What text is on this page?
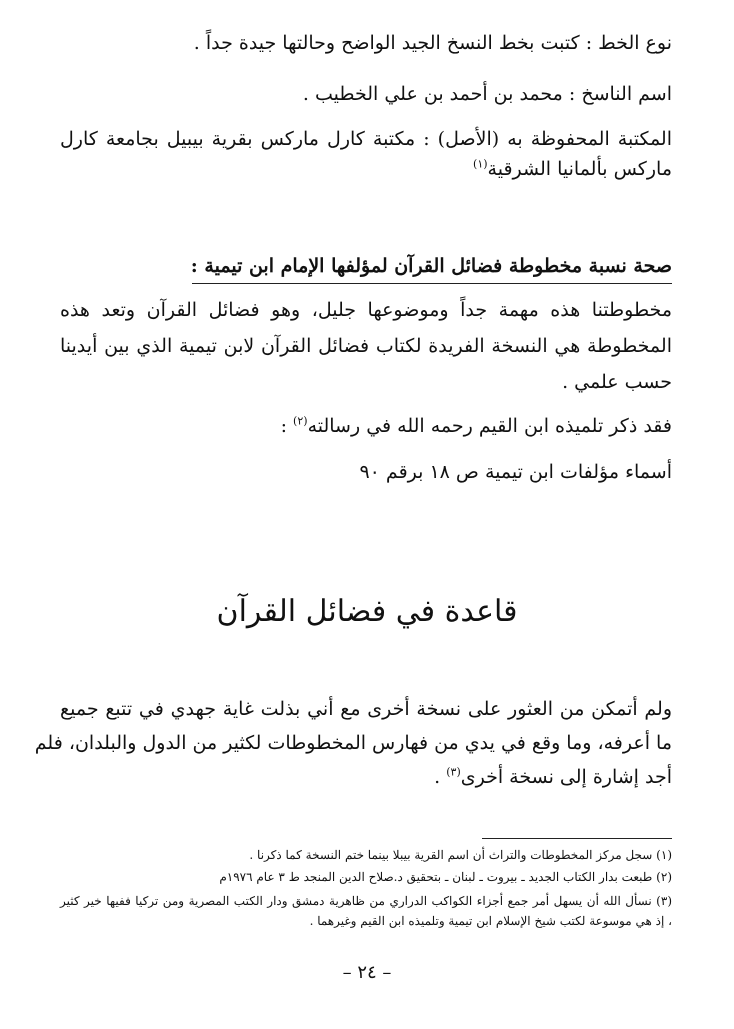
نوع الخط : كتبت بخط النسخ الجيد الواضح وحالتها جيدة جداً .
اسم الناسخ : محمد بن أحمد بن علي الخطيب .
المكتبة المحفوظة به (الأصل) : مكتبة كارل ماركس بقرية بيبيل بجامعة كارل
ماركس بألمانيا الشرقية$^{(١)}$
صحة نسبة مخطوطة فضائل القرآن لمؤلفها الإمام ابن تيمية :
مخطوطتنا هذه مهمة جداً وموضوعها جليل، وهو فضائل القرآن وتعد هذه
المخطوطة هي النسخة الفريدة لكتاب فضائل القرآن لابن تيمية الذي بين أيدينا
حسب علمي .
فقد ذكر تلميذه ابن القيم رحمه الله في رسالته$^{(٢)}$ :
أسماء مؤلفات ابن تيمية ص ١٨ برقم ٩٠
قاعدة في فضائل القرآن
ولم أتمكن من العثور على نسخة أخرى مع أني بذلت غاية جهدي في تتبع جميع
ما أعرفه، وما وقع في يدي من فهارس المخطوطات لكثير من الدول والبلدان، فلم
أجد إشارة إلى نسخة أخرى$^{(٣)}$ .
(١) سجل مركز المخطوطات والتراث أن اسم القرية بيبلا بينما ختم النسخة كما ذكرنا .
(٢) طبعت بدار الكتاب الجديد ـ بيروت ـ لبنان ـ بتحقيق د.صلاح الدين المنجد ط ٣ عام ١٩٧٦م
(٣) نسأل الله أن يسهل أمر جمع أجزاء الكواكب الدراري من ظاهرية دمشق ودار الكتب المصرية ومن تركيا ففيها خير كثير
، إذ هي موسوعة لكتب شيخ الإسلام ابن تيمية وتلميذه ابن القيم وغيرهما .
– ٢٤ –
